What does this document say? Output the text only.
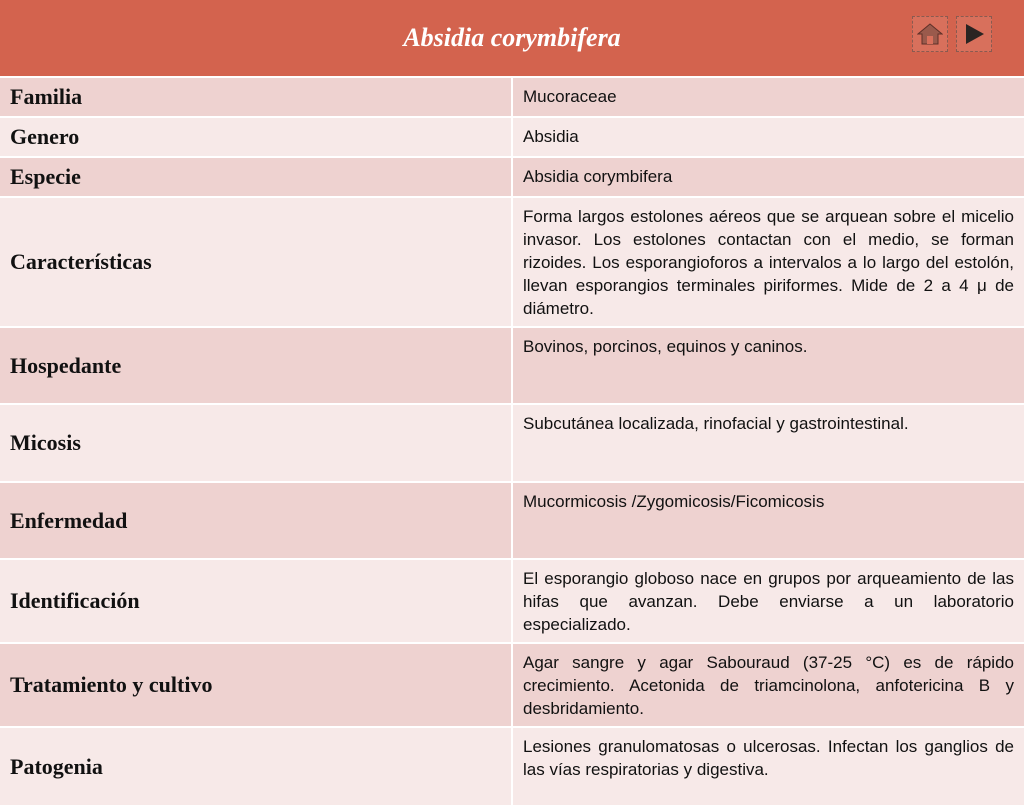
Absidia corymbifera	
Familia	Mucoraceae
Genero	Absidia
Especie	Absidia corymbifera
Características	Forma largos estolones aéreos que se arquean sobre el micelio invasor. Los estolones contactan con el medio, se forman rizoides. Los esporangioforos a intervalos a lo largo del estolón, llevan esporangios terminales piriformes. Mide de 2 a 4 μ de diámetro.
Hospedante	Bovinos, porcinos, equinos y caninos.
Micosis	Subcutánea localizada, rinofacial y gastrointestinal.
Enfermedad	Mucormicosis /Zygomicosis/Ficomicosis
Identificación	El esporangio globoso nace en grupos por arqueamiento de las hifas que avanzan. Debe enviarse a un laboratorio especializado.
Tratamiento y cultivo	Agar sangre y agar Sabouraud (37-25 °C) es de rápido crecimiento. Acetonida de triamcinolona, anfotericina B y desbridamiento.
Patogenia	Lesiones granulomatosas o ulcerosas. Infectan los ganglios de las vías respiratorias y digestiva.
